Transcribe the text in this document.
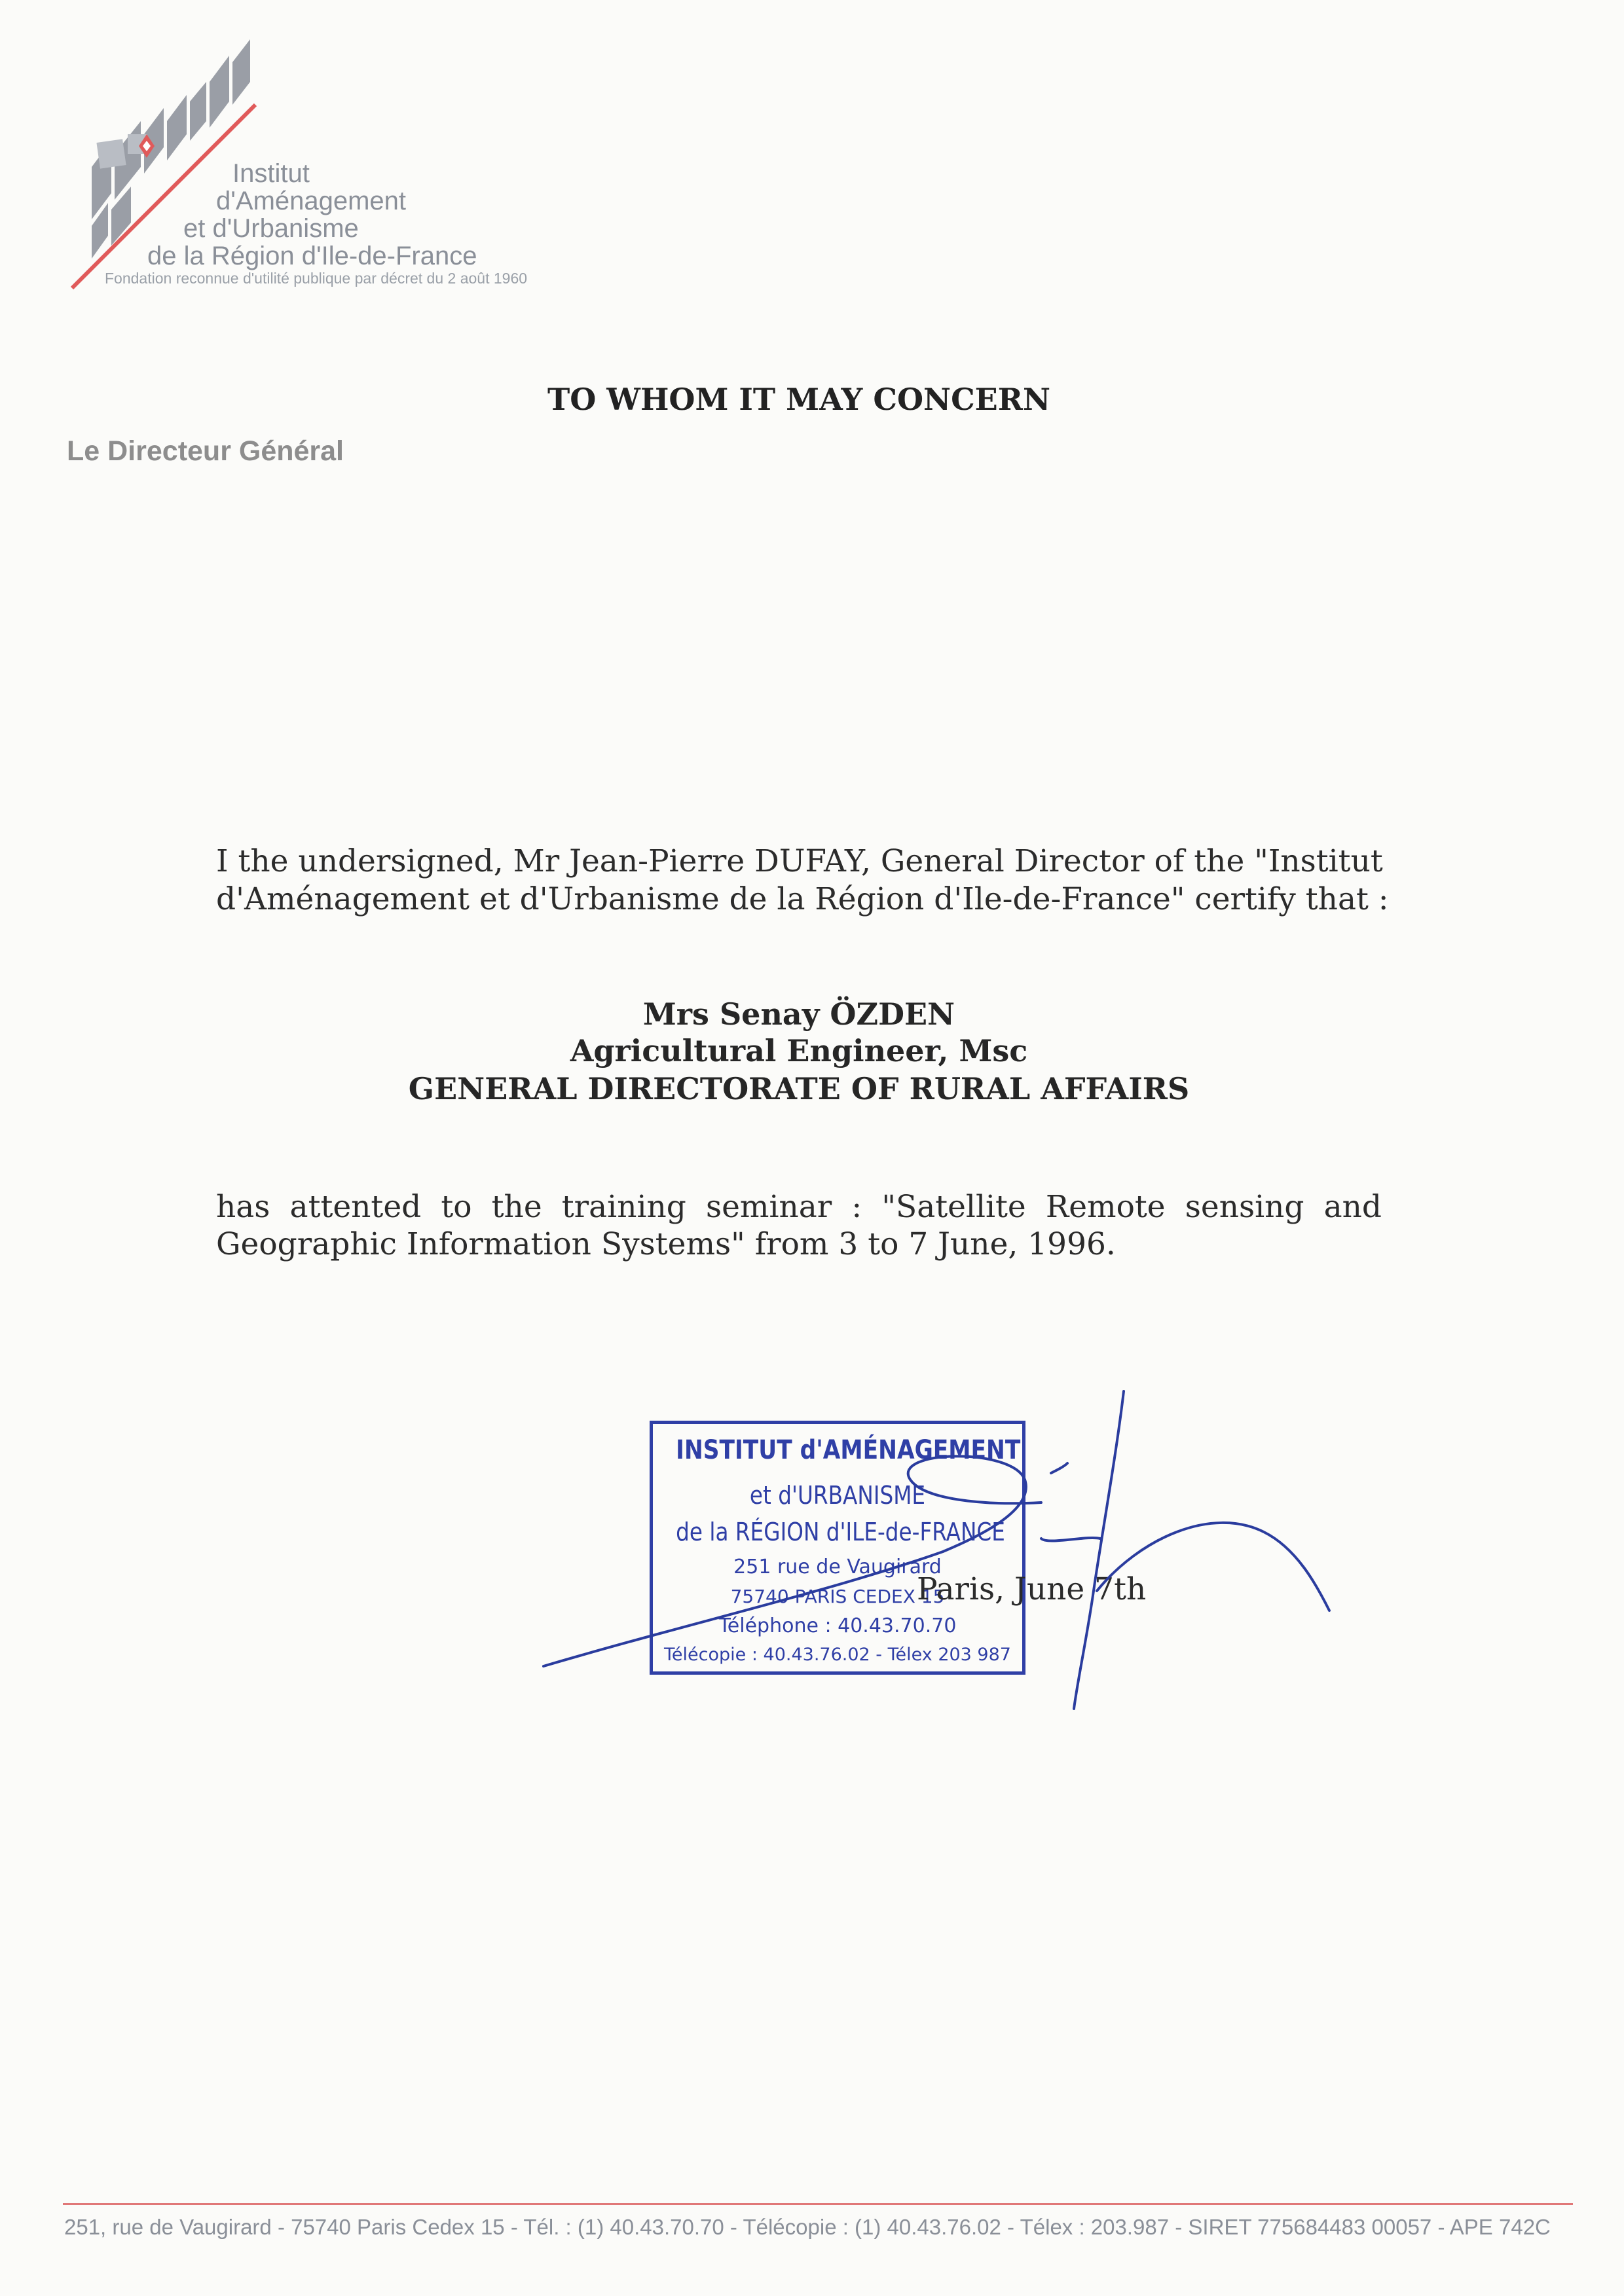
Institut
d'Aménagement
et d'Urbanisme
de la Région d'Ile-de-France
Fondation reconnue d'utilité publique par décret du 2 août 1960
Le Directeur Général
TO WHOM IT MAY CONCERN
I the undersigned, Mr Jean-Pierre DUFAY, General Director of the "Institut
d'Aménagement et d'Urbanisme de la Région d'Ile-de-France" certify that :
Mrs Senay ÖZDEN
Agricultural Engineer, Msc
GENERAL DIRECTORATE OF RURAL AFFAIRS
has attented to the training seminar : "Satellite Remote sensing and
Geographic Information Systems" from 3 to 7 June, 1996.
INSTITUT d'AMÉNAGEMENT
et d'URBANISME
de la RÉGION d'ILE-de-FRANCE
251 rue de Vaugirard
75740 PARIS CEDEX 15
Téléphone : 40.43.70.70
Télécopie : 40.43.76.02 - Télex 203 987
Paris, June 7th
251, rue de Vaugirard - 75740 Paris Cedex 15 - Tél. : (1) 40.43.70.70 - Télécopie : (1) 40.43.76.02 - Télex : 203.987 - SIRET 775684483 00057 - APE 742C
